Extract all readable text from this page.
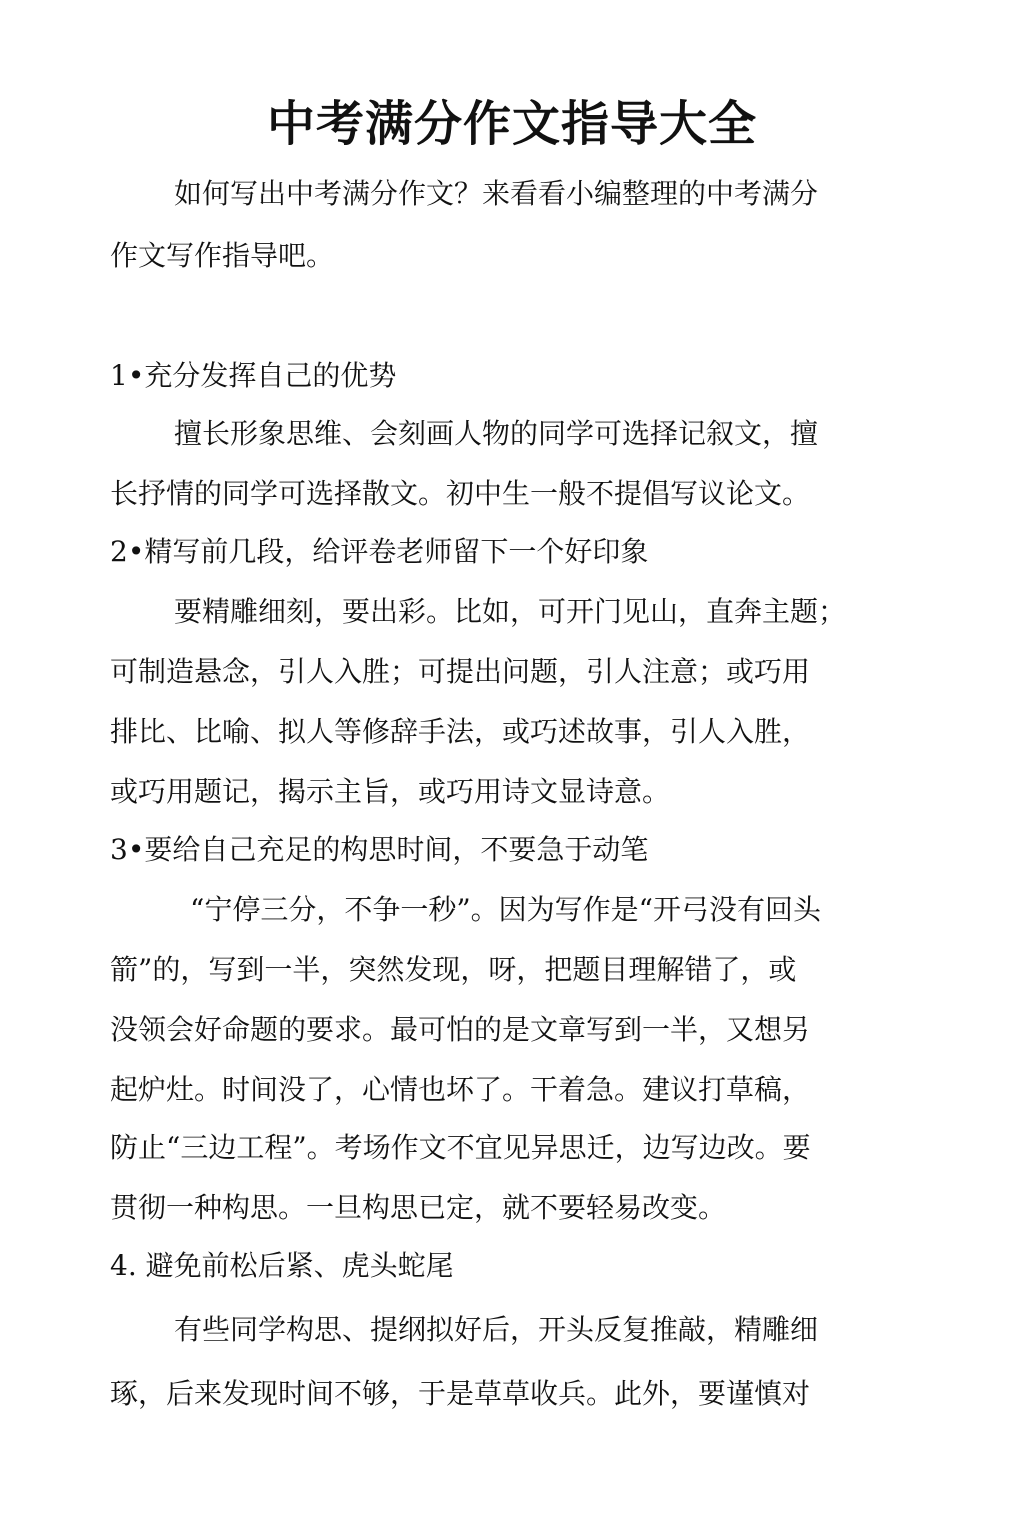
中考满分作文指导大全

如何写出中考满分作文？来看看小编整理的中考满分

作文写作指导吧。

1•充分发挥自己的优势

擅长形象思维、会刻画人物的同学可选择记叙文，擅

长抒情的同学可选择散文。初中生一般不提倡写议论文。

2•精写前几段，给评卷老师留下一个好印象

要精雕细刻，要出彩。比如，可开门见山，直奔主题；

可制造悬念，引人入胜；可提出问题，引人注意；或巧用

排比、比喻、拟人等修辞手法，或巧述故事，引人入胜，

或巧用题记，揭示主旨，或巧用诗文显诗意。

3•要给自己充足的构思时间，不要急于动笔

“宁停三分，不争一秒”。因为写作是“开弓没有回头

箭”的，写到一半，突然发现，呀，把题目理解错了，或

没领会好命题的要求。最可怕的是文章写到一半，又想另

起炉灶。时间没了，心情也坏了。干着急。建议打草稿，

防止“三边工程”。考场作文不宜见异思迁，边写边改。要

贯彻一种构思。一旦构思已定，就不要轻易改变。

4. 避免前松后紧、虎头蛇尾

有些同学构思、提纲拟好后，开头反复推敲，精雕细

琢，后来发现时间不够，于是草草收兵。此外，要谨慎对
